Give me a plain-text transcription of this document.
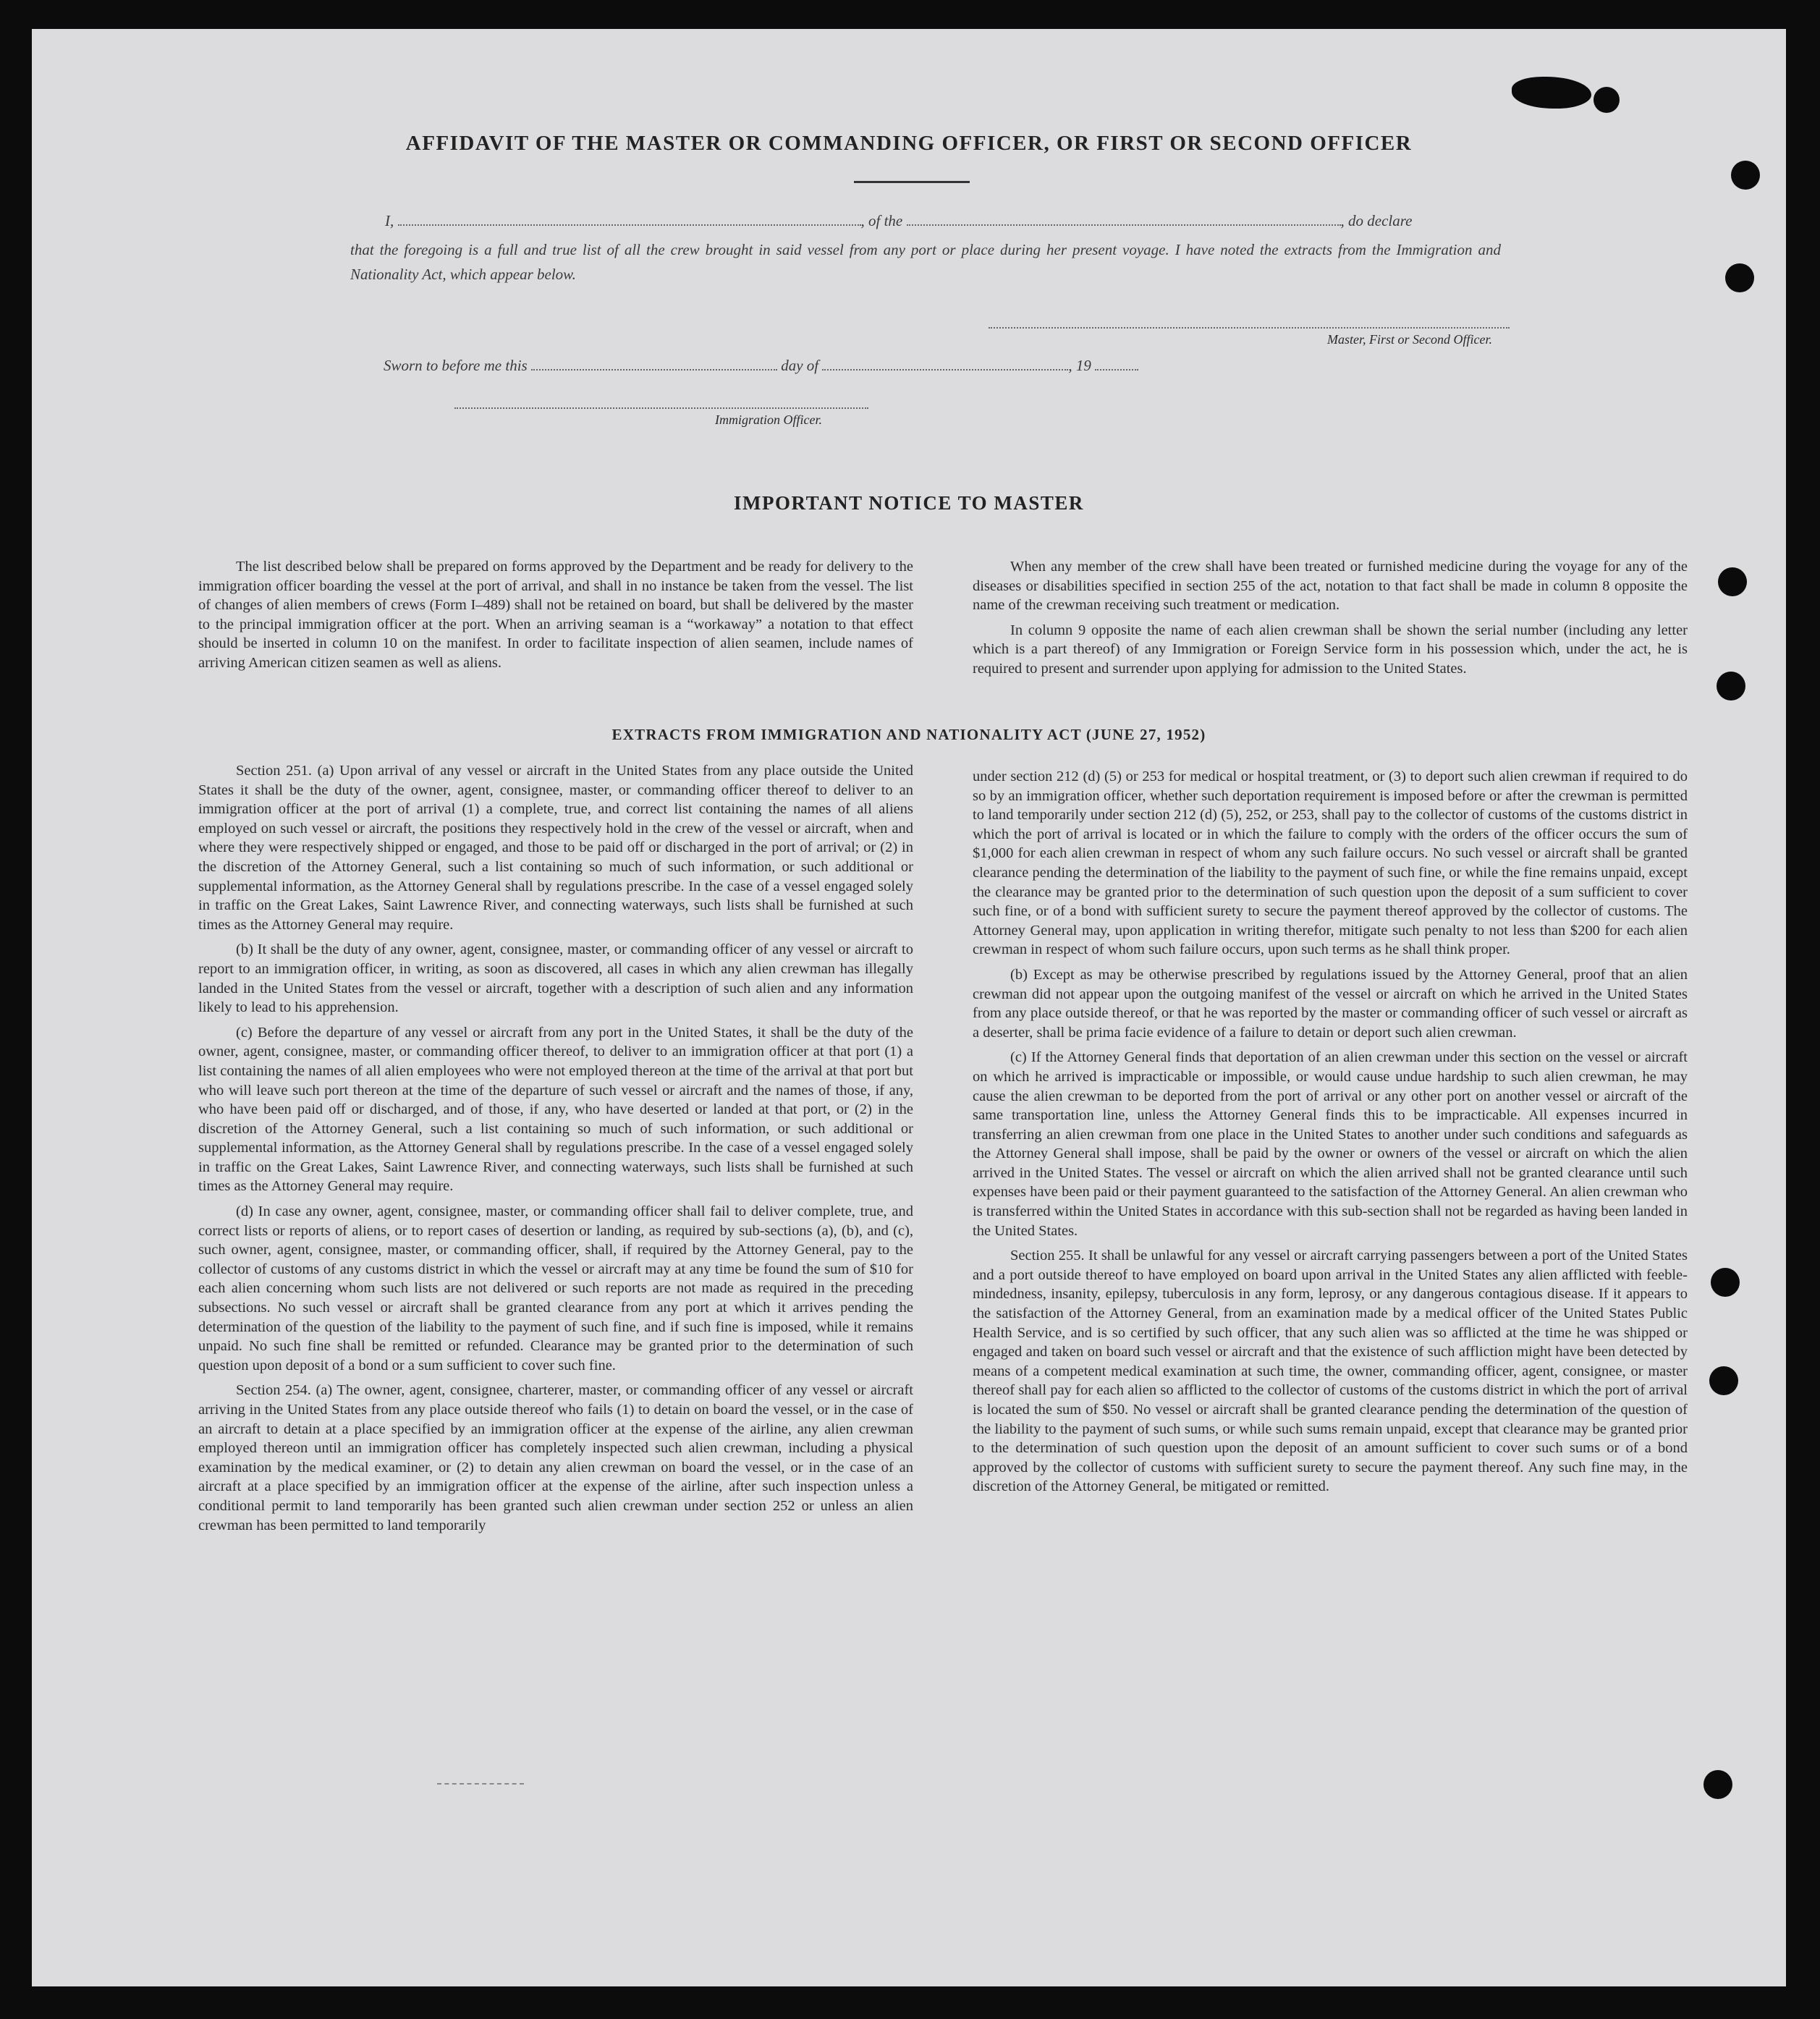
AFFIDAVIT OF THE MASTER OR COMMANDING OFFICER, OR FIRST OR SECOND OFFICER
I,	, of the	, do declare
that the foregoing is a full and true list of all the crew brought in said vessel from any port or place during her present voyage. I have noted the extracts from the Immigration and Nationality Act, which appear below.
Master, First or Second Officer.
Sworn to before me this	day of	, 19
Immigration Officer.
IMPORTANT NOTICE TO MASTER

The list described below shall be prepared on forms approved by the Department and be ready for delivery to the immigration officer boarding the vessel at the port of arrival, and shall in no instance be taken from the vessel. The list of changes of alien members of crews (Form I–489) shall not be retained on board, but shall be delivered by the master to the principal immigration officer at the port. When an arriving seaman is a “workaway” a notation to that effect should be inserted in column 10 on the manifest. In order to facilitate inspection of alien seamen, include names of arriving American citizen seamen as well as aliens.

When any member of the crew shall have been treated or furnished medicine during the voyage for any of the diseases or disabilities specified in section 255 of the act, notation to that fact shall be made in column 8 opposite the name of the crewman receiving such treatment or medication.

In column 9 opposite the name of each alien crewman shall be shown the serial number (including any letter which is a part thereof) of any Immigration or Foreign Service form in his possession which, under the act, he is required to present and surrender upon applying for admission to the United States.

EXTRACTS FROM IMMIGRATION AND NATIONALITY ACT (JUNE 27, 1952)

Section 251. (a) Upon arrival of any vessel or aircraft in the United States from any place outside the United States it shall be the duty of the owner, agent, consignee, master, or commanding officer thereof to deliver to an immigration officer at the port of arrival (1) a complete, true, and correct list containing the names of all aliens employed on such vessel or aircraft, the positions they respectively hold in the crew of the vessel or aircraft, when and where they were respectively shipped or engaged, and those to be paid off or discharged in the port of arrival; or (2) in the discretion of the Attorney General, such a list containing so much of such information, or such additional or supplemental information, as the Attorney General shall by regulations prescribe. In the case of a vessel engaged solely in traffic on the Great Lakes, Saint Lawrence River, and connecting waterways, such lists shall be furnished at such times as the Attorney General may require.

(b) It shall be the duty of any owner, agent, consignee, master, or commanding officer of any vessel or aircraft to report to an immigration officer, in writing, as soon as discovered, all cases in which any alien crewman has illegally landed in the United States from the vessel or aircraft, together with a description of such alien and any information likely to lead to his apprehension.

(c) Before the departure of any vessel or aircraft from any port in the United States, it shall be the duty of the owner, agent, consignee, master, or commanding officer thereof, to deliver to an immigration officer at that port (1) a list containing the names of all alien employees who were not employed thereon at the time of the arrival at that port but who will leave such port thereon at the time of the departure of such vessel or aircraft and the names of those, if any, who have been paid off or discharged, and of those, if any, who have deserted or landed at that port, or (2) in the discretion of the Attorney General, such a list containing so much of such information, or such additional or supplemental information, as the Attorney General shall by regulations prescribe. In the case of a vessel engaged solely in traffic on the Great Lakes, Saint Lawrence River, and connecting waterways, such lists shall be furnished at such times as the Attorney General may require.

(d) In case any owner, agent, consignee, master, or commanding officer shall fail to deliver complete, true, and correct lists or reports of aliens, or to report cases of desertion or landing, as required by sub-sections (a), (b), and (c), such owner, agent, consignee, master, or commanding officer, shall, if required by the Attorney General, pay to the collector of customs of any customs district in which the vessel or aircraft may at any time be found the sum of $10 for each alien concerning whom such lists are not delivered or such reports are not made as required in the preceding subsections. No such vessel or aircraft shall be granted clearance from any port at which it arrives pending the determination of the question of the liability to the payment of such fine, and if such fine is imposed, while it remains unpaid. No such fine shall be remitted or refunded. Clearance may be granted prior to the determination of such question upon deposit of a bond or a sum sufficient to cover such fine.

Section 254. (a) The owner, agent, consignee, charterer, master, or commanding officer of any vessel or aircraft arriving in the United States from any place outside thereof who fails (1) to detain on board the vessel, or in the case of an aircraft to detain at a place specified by an immigration officer at the expense of the airline, any alien crewman employed thereon until an immigration officer has completely inspected such alien crewman, including a physical examination by the medical examiner, or (2) to detain any alien crewman on board the vessel, or in the case of an aircraft at a place specified by an immigration officer at the expense of the airline, after such inspection unless a conditional permit to land temporarily has been granted such alien crewman under section 252 or unless an alien crewman has been permitted to land temporarily

under section 212 (d) (5) or 253 for medical or hospital treatment, or (3) to deport such alien crewman if required to do so by an immigration officer, whether such deportation requirement is imposed before or after the crewman is permitted to land temporarily under section 212 (d) (5), 252, or 253, shall pay to the collector of customs of the customs district in which the port of arrival is located or in which the failure to comply with the orders of the officer occurs the sum of $1,000 for each alien crewman in respect of whom any such failure occurs. No such vessel or aircraft shall be granted clearance pending the determination of the liability to the payment of such fine, or while the fine remains unpaid, except the clearance may be granted prior to the determination of such question upon the deposit of a sum sufficient to cover such fine, or of a bond with sufficient surety to secure the payment thereof approved by the collector of customs. The Attorney General may, upon application in writing therefor, mitigate such penalty to not less than $200 for each alien crewman in respect of whom such failure occurs, upon such terms as he shall think proper.

(b) Except as may be otherwise prescribed by regulations issued by the Attorney General, proof that an alien crewman did not appear upon the outgoing manifest of the vessel or aircraft on which he arrived in the United States from any place outside thereof, or that he was reported by the master or commanding officer of such vessel or aircraft as a deserter, shall be prima facie evidence of a failure to detain or deport such alien crewman.

(c) If the Attorney General finds that deportation of an alien crewman under this section on the vessel or aircraft on which he arrived is impracticable or impossible, or would cause undue hardship to such alien crewman, he may cause the alien crewman to be deported from the port of arrival or any other port on another vessel or aircraft of the same transportation line, unless the Attorney General finds this to be impracticable. All expenses incurred in transferring an alien crewman from one place in the United States to another under such conditions and safeguards as the Attorney General shall impose, shall be paid by the owner or owners of the vessel or aircraft on which the alien arrived in the United States. The vessel or aircraft on which the alien arrived shall not be granted clearance until such expenses have been paid or their payment guaranteed to the satisfaction of the Attorney General. An alien crewman who is transferred within the United States in accordance with this sub-section shall not be regarded as having been landed in the United States.

Section 255. It shall be unlawful for any vessel or aircraft carrying passengers between a port of the United States and a port outside thereof to have employed on board upon arrival in the United States any alien afflicted with feeble-mindedness, insanity, epilepsy, tuberculosis in any form, leprosy, or any dangerous contagious disease. If it appears to the satisfaction of the Attorney General, from an examination made by a medical officer of the United States Public Health Service, and is so certified by such officer, that any such alien was so afflicted at the time he was shipped or engaged and taken on board such vessel or aircraft and that the existence of such affliction might have been detected by means of a competent medical examination at such time, the owner, commanding officer, agent, consignee, or master thereof shall pay for each alien so afflicted to the collector of customs of the customs district in which the port of arrival is located the sum of $50. No vessel or aircraft shall be granted clearance pending the determination of the question of the liability to the payment of such sums, or while such sums remain unpaid, except that clearance may be granted prior to the determination of such question upon the deposit of an amount sufficient to cover such sums or of a bond approved by the collector of customs with sufficient surety to secure the payment thereof. Any such fine may, in the discretion of the Attorney General, be mitigated or remitted.
